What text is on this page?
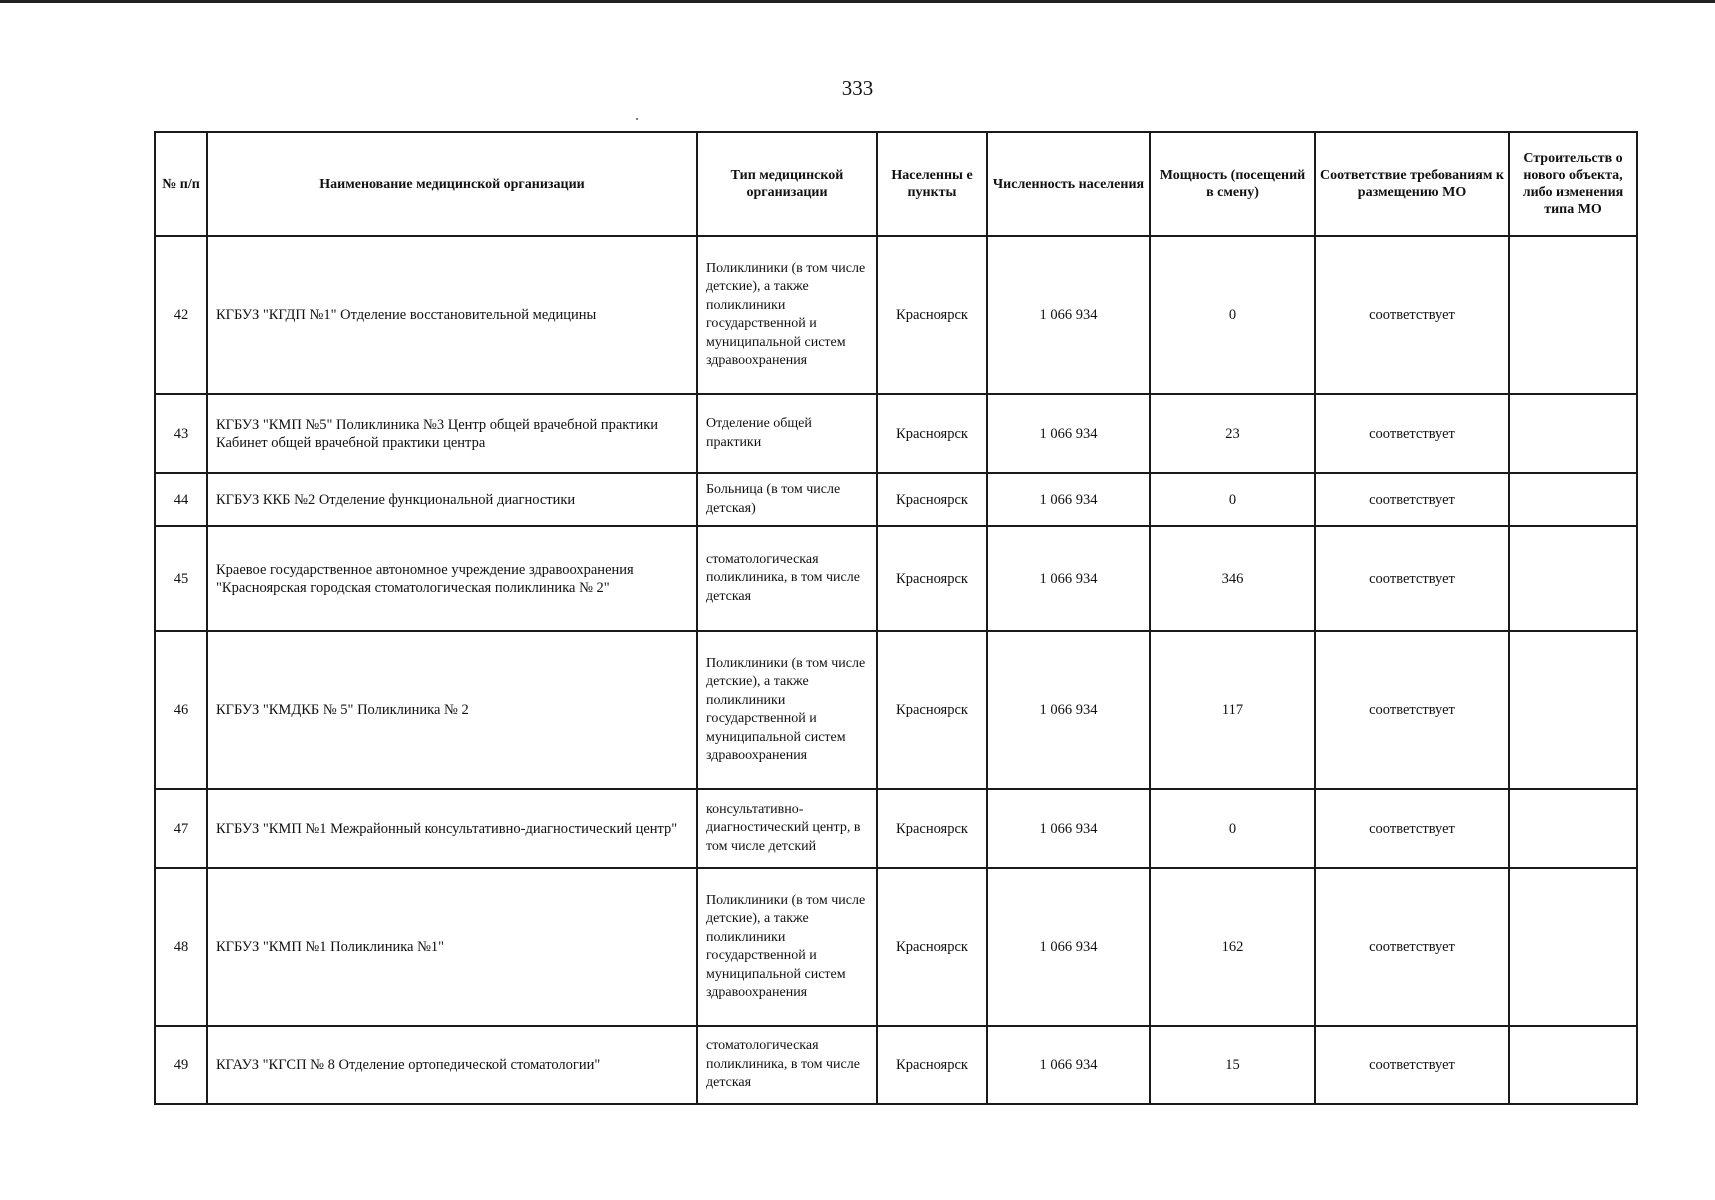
333
№ п/п	Наименование медицинской организации	Тип медицинской организации	Населенны е пункты	Численность населения	Мощность (посещений в смену)	Соответствие требованиям к размещению МО	Строительств о нового объекта, либо изменения типа МО
42	КГБУЗ "КГДП №1" Отделение восстановительной медицины	Поликлиники (в том числе детские), а также поликлиники государственной и муниципальной систем здравоохранения	Красноярск	1 066 934	0	соответствует	
43	КГБУЗ "КМП №5" Поликлиника №3 Центр общей врачебной практики Кабинет общей врачебной практики центра	Отделение общей практики	Красноярск	1 066 934	23	соответствует	
44	КГБУЗ ККБ №2 Отделение функциональной диагностики	Больница (в том числе детская)	Красноярск	1 066 934	0	соответствует	
45	Краевое государственное автономное учреждение здравоохранения "Красноярская городская стоматологическая поликлиника № 2"	стоматологическая поликлиника, в том числе детская	Красноярск	1 066 934	346	соответствует	
46	КГБУЗ "КМДКБ № 5" Поликлиника № 2	Поликлиники (в том числе детские), а также поликлиники государственной и муниципальной систем здравоохранения	Красноярск	1 066 934	117	соответствует	
47	КГБУЗ "КМП №1 Межрайонный консультативно-диагностический центр"	консультативно-диагностический центр, в том числе детский	Красноярск	1 066 934	0	соответствует	
48	КГБУЗ "КМП №1 Поликлиника №1"	Поликлиники (в том числе детские), а также поликлиники государственной и муниципальной систем здравоохранения	Красноярск	1 066 934	162	соответствует	
49	КГАУЗ "КГСП № 8 Отделение ортопедической стоматологии"	стоматологическая поликлиника, в том числе детская	Красноярск	1 066 934	15	соответствует	
